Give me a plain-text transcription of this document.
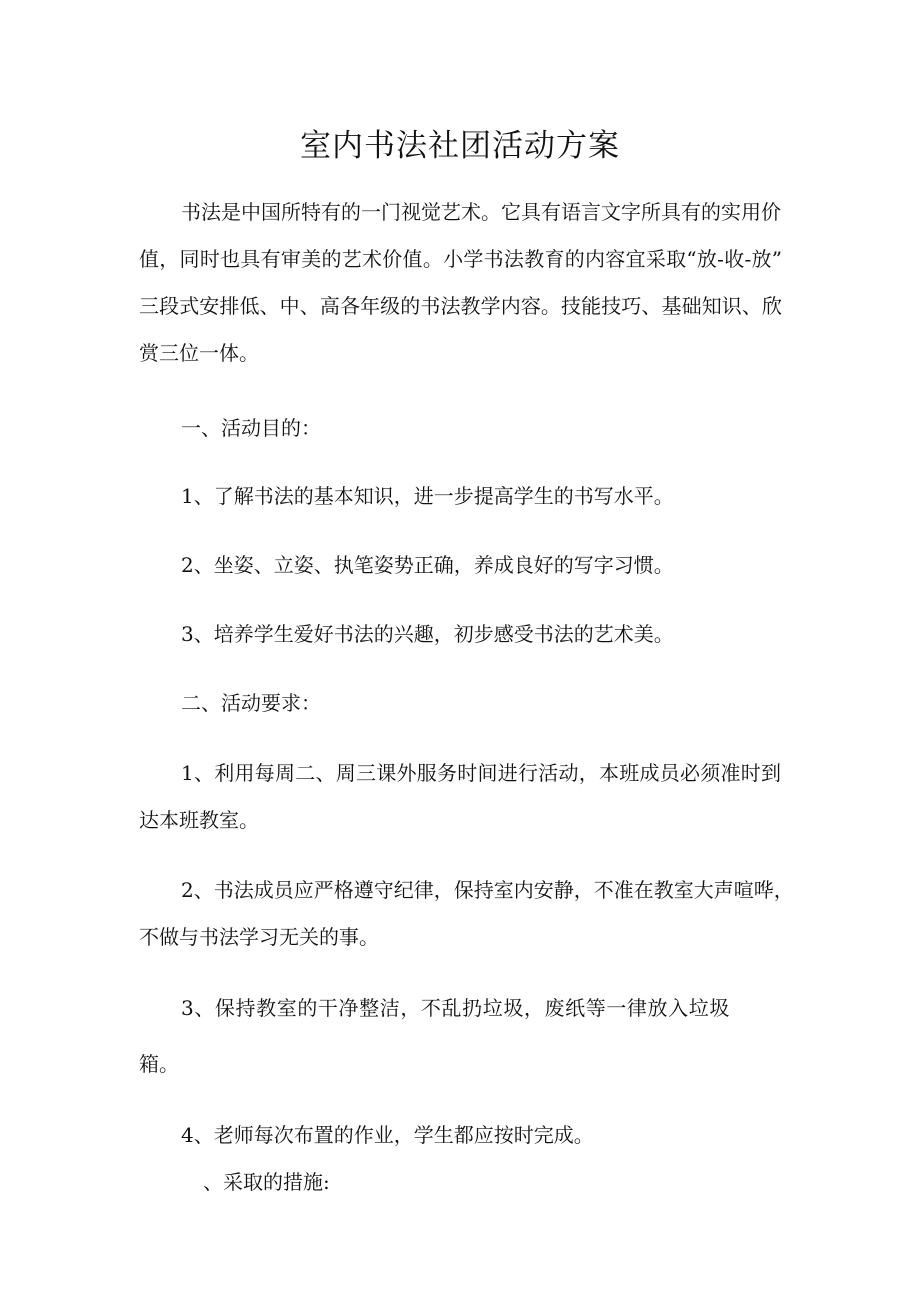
室内书法社团活动方案
书法是中国所特有的一门视觉艺术。它具有语言文字所具有的实用价
值，同时也具有审美的艺术价值。小学书法教育的内容宜采取“放-收-放”
三段式安排低、中、高各年级的书法教学内容。技能技巧、基础知识、欣
赏三位一体。
一、活动目的：
1、了解书法的基本知识，进一步提高学生的书写水平。
2、坐姿、立姿、执笔姿势正确，养成良好的写字习惯。
3、培养学生爱好书法的兴趣，初步感受书法的艺术美。
二、活动要求：
1、利用每周二、周三课外服务时间进行活动，本班成员必须准时到
达本班教室。
2、书法成员应严格遵守纪律，保持室内安静，不准在教室大声喧哗，
不做与书法学习无关的事。
3、保持教室的干净整洁，不乱扔垃圾，废纸等一律放入垃圾
箱。
4、老师每次布置的作业，学生都应按时完成。
、采取的措施:
